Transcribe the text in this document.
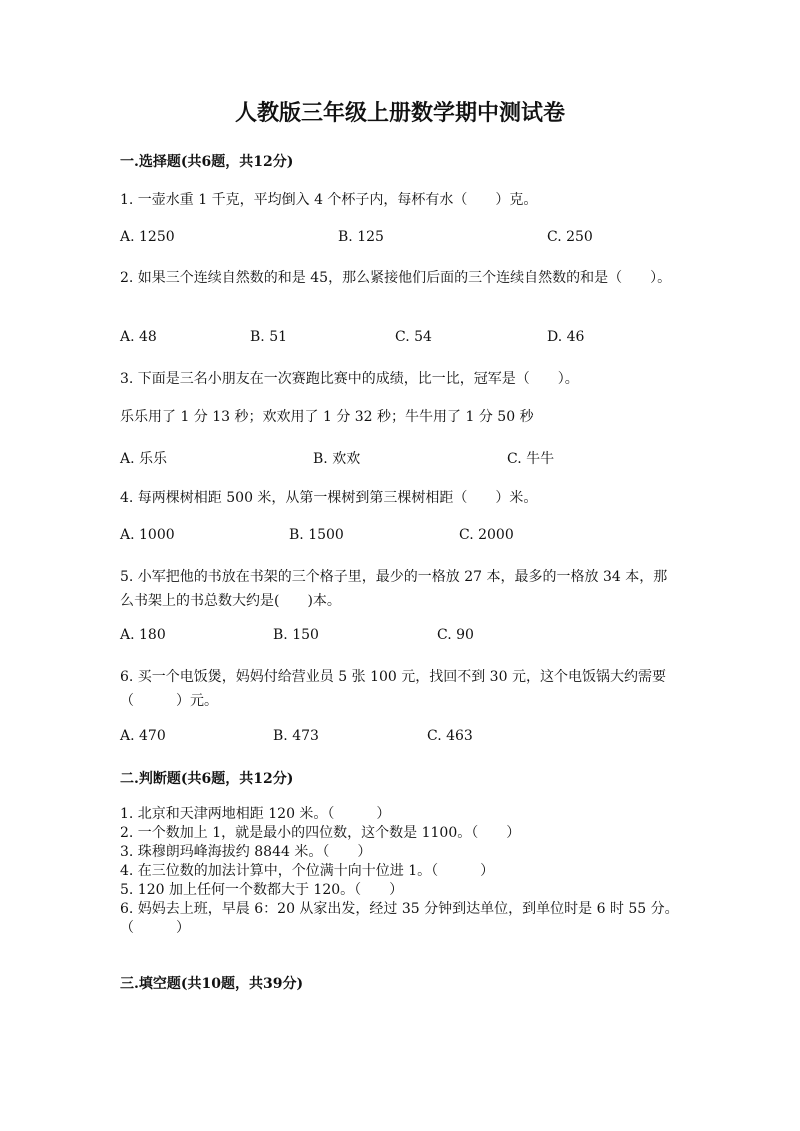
人教版三年级上册数学期中测试卷
一.选择题(共6题，共12分)
1. 一壶水重 1 千克，平均倒入 4 个杯子内，每杯有水（　　）克。
A. 1250	B. 125	C. 250
2. 如果三个连续自然数的和是 45，那么紧接他们后面的三个连续自然数的和是（　　）。
A. 48	B. 51	C. 54	D. 46
3. 下面是三名小朋友在一次赛跑比赛中的成绩，比一比，冠军是（　　）。
乐乐用了 1 分 13 秒；欢欢用了 1 分 32 秒；牛牛用了 1 分 50 秒
A. 乐乐	B. 欢欢	C. 牛牛
4. 每两棵树相距 500 米，从第一棵树到第三棵树相距（　　）米。
A. 1000	B. 1500	C. 2000
5. 小军把他的书放在书架的三个格子里，最少的一格放 27 本，最多的一格放 34 本，那么书架上的书总数大约是(　　)本。
A. 180	B. 150	C. 90
6. 买一个电饭煲，妈妈付给营业员 5 张 100 元，找回不到 30 元，这个电饭锅大约需要（　　　）元。
A. 470	B. 473	C. 463
二.判断题(共6题，共12分)
1. 北京和天津两地相距 120 米。（　　　）
2. 一个数加上 1，就是最小的四位数，这个数是 1100。（　　）
3. 珠穆朗玛峰海拔约 8844 米。（　　）
4. 在三位数的加法计算中，个位满十向十位进 1。（　　　）
5. 120 加上任何一个数都大于 120。（　　）
6. 妈妈去上班，早晨 6：20 从家出发，经过 35 分钟到达单位，到单位时是 6 时 55 分。（　　　）
三.填空题(共10题，共39分)
